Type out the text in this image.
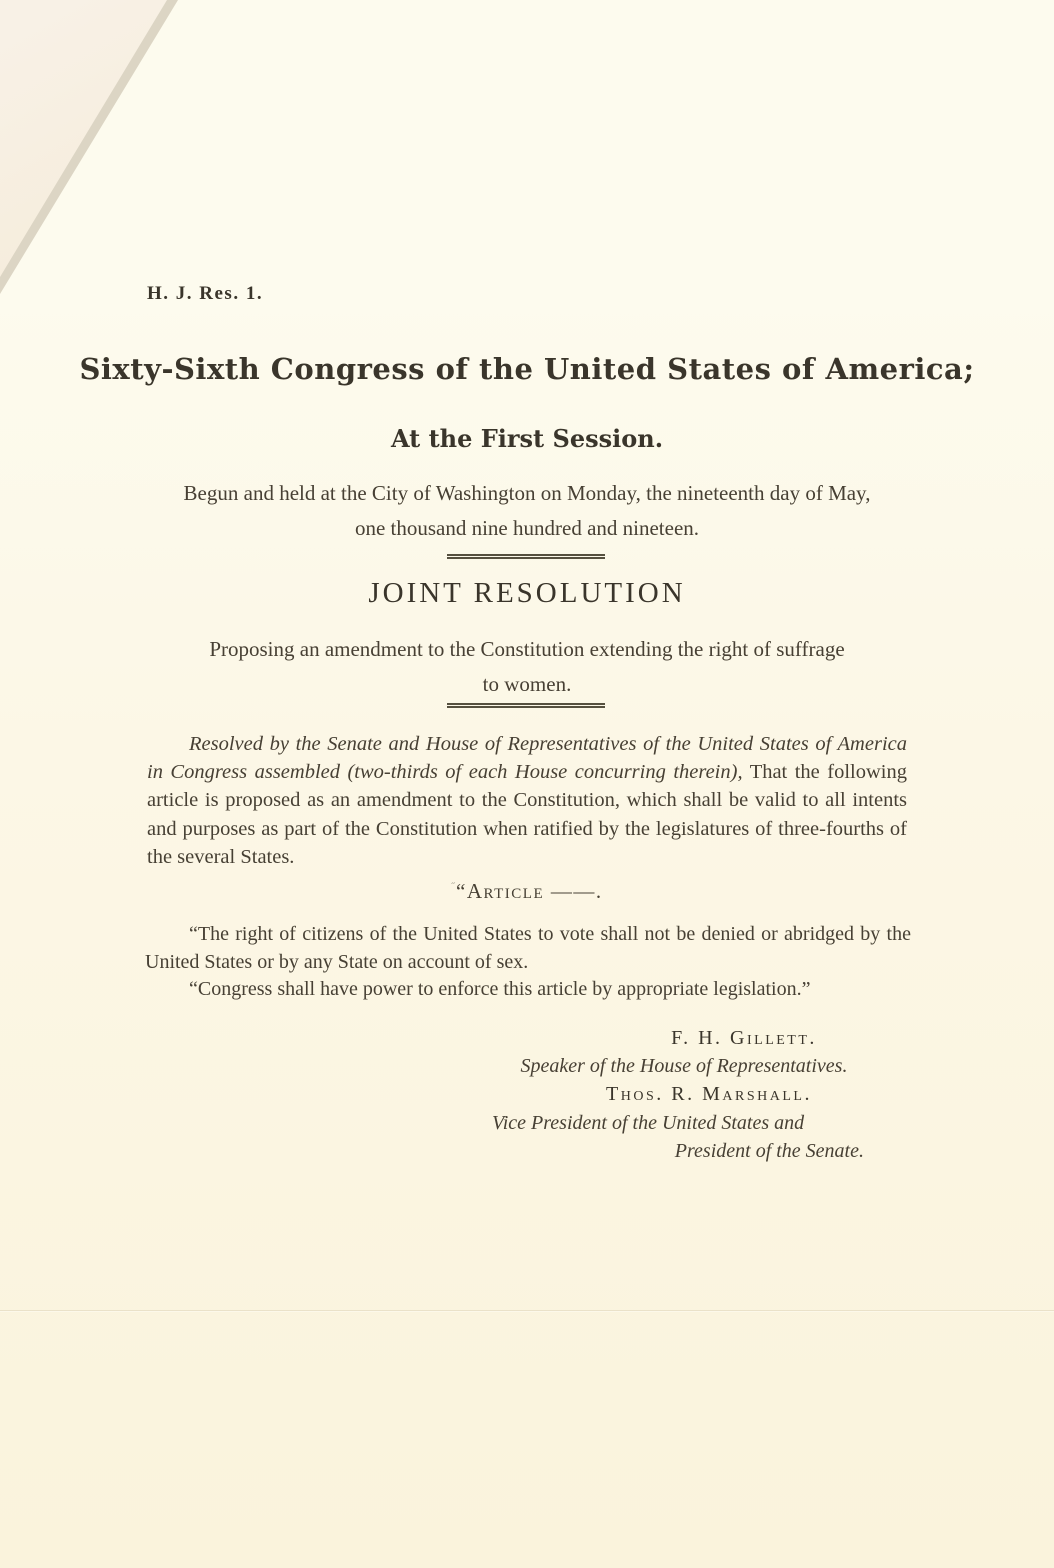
H. J. Res. 1.
Sixty-Sixth Congress of the United States of America;
At the First Session.
Begun and held at the City of Washington on Monday, the nineteenth day of May,
one thousand nine hundred and nineteen.
JOINT RESOLUTION
Proposing an amendment to the Constitution extending the right of suffrage
to women.

Resolved by the Senate and House of Representatives of the United States of America in Congress assembled (two-thirds of each House concurring therein), That the following article is proposed as an amendment to the Constitution, which shall be valid to all intents and purposes as part of the Constitution when ratified by the legislatures of three-fourths of the several States.

˝“Article ——.

“The right of citizens of the United States to vote shall not be denied or abridged by the United States or by any State on account of sex.

“Congress shall have power to enforce this article by appropriate legislation.”

F. H. Gillett.
Speaker of the House of Representatives.
Thos. R. Marshall.
Vice President of the United States and
President of the Senate.
